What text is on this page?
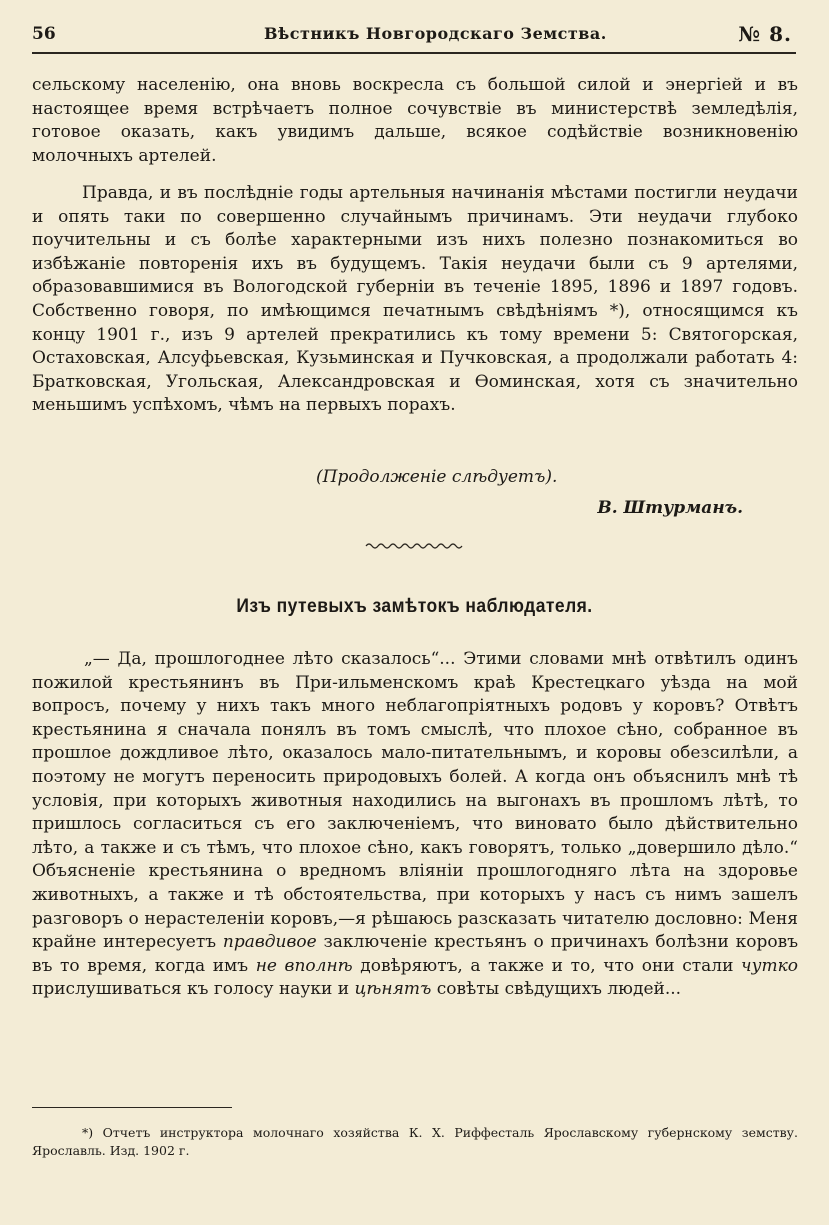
56	Вѣстникъ Новгородскаго Земства.	№ 8.

сельскому населенію, она вновь воскресла съ большой силой и энергіей и въ настоящее время встрѣчаетъ полное сочувствіе въ министерствѣ земледѣлія, готовое оказать, какъ увидимъ дальше, всякое содѣйствіе возникновенію молочныхъ артелей.

Правда, и въ послѣдніе годы артельныя начинанія мѣстами постигли неудачи и опять таки по совершенно случайнымъ причинамъ. Эти неудачи глубоко поучительны и съ болѣе характерными изъ нихъ полезно познакомиться во избѣжаніе повторенія ихъ въ будущемъ. Такія неудачи были съ 9 артелями, образовавшимися въ Вологодской губерніи въ теченіе 1895, 1896 и 1897 годовъ. Собственно говоря, по имѣющимся печатнымъ свѣдѣніямъ *), относящимся къ концу 1901 г., изъ 9 артелей прекратились къ тому времени 5: Святогорская, Остаховская, Алсуфьевская, Кузьминская и Пучковская, а продолжали работать 4: Братковская, Угольская, Александровская и Ѳоминская, хотя съ значительно меньшимъ успѣхомъ, чѣмъ на первыхъ порахъ.

(Продолженіе слѣдуетъ).
В. Штурманъ.
Изъ путевыхъ замѣтокъ наблюдателя.

„— Да, прошлогоднее лѣто сказалось“... Этими словами мнѣ отвѣтилъ одинъ пожилой крестьянинъ въ При-ильменскомъ краѣ Крестецкаго уѣзда на мой вопросъ, почему у нихъ такъ много неблагопріятныхъ родовъ у коровъ? Отвѣтъ крестьянина я сначала понялъ въ томъ смыслѣ, что плохое сѣно, собранное въ прошлое дождливое лѣто, оказалось мало-питательнымъ, и коровы обезсилѣли, а поэтому не могутъ переносить природовыхъ болей. А когда онъ объяснилъ мнѣ тѣ условія, при которыхъ животныя находились на выгонахъ въ прошломъ лѣтѣ, то пришлось согласиться съ его заключеніемъ, что виновато было дѣйствительно лѣто, а также и съ тѣмъ, что плохое сѣно, какъ говорятъ, только „довершило дѣло.“ Объясненіе крестьянина о вредномъ вліяніи прошлогодняго лѣта на здоровье животныхъ, а также и тѣ обстоятельства, при которыхъ у насъ съ нимъ зашелъ разговоръ о нерастеленіи коровъ,—я рѣшаюсь разсказать читателю дословно: Меня крайне интересуетъ правдивое заключеніе крестьянъ о причинахъ болѣзни коровъ въ то время, когда имъ не вполнѣ довѣряютъ, а также и то, что они стали чутко прислушиваться къ голосу науки и цѣнятъ совѣты свѣдущихъ людей...

*) Отчетъ инструктора молочнаго хозяйства К. Х. Риффесталь Ярославскому губернскому земству. Ярославль. Изд. 1902 г.
